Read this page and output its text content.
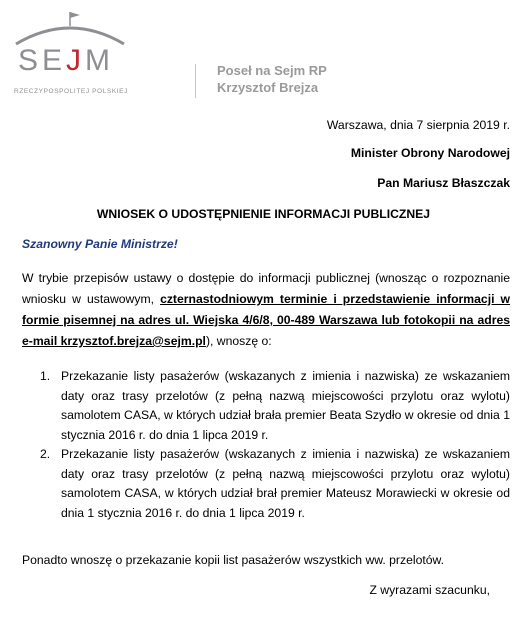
SEJM
RZECZYPOSPOLITEJ POLSKIEJ
Poseł na Sejm RP
Krzysztof Brejza
Warszawa, dnia 7 sierpnia 2019 r.
Minister Obrony Narodowej
Pan Mariusz Błaszczak
WNIOSEK O UDOSTĘPNIENIE INFORMACJI PUBLICZNEJ
Szanowny Panie Ministrze!
W trybie przepisów ustawy o dostępie do informacji publicznej (wnosząc o rozpoznanie wniosku w ustawowym, czternastodniowym terminie i przedstawienie informacji w formie pisemnej na adres ul. Wiejska 4/6/8, 00-489 Warszawa lub fotokopii na adres e-mail krzysztof.brejza@sejm.pl), wnoszę o:
1. Przekazanie listy pasażerów (wskazanych z imienia i nazwiska) ze wskazaniem daty oraz trasy przelotów (z pełną nazwą miejscowości przylotu oraz wylotu) samolotem CASA, w których udział brała premier Beata Szydło w okresie od dnia 1 stycznia 2016 r. do dnia 1 lipca 2019 r.
2. Przekazanie listy pasażerów (wskazanych z imienia i nazwiska) ze wskazaniem daty oraz trasy przelotów (z pełną nazwą miejscowości przylotu oraz wylotu) samolotem CASA, w których udział brał premier Mateusz Morawiecki w okresie od dnia 1 stycznia 2016 r. do dnia 1 lipca 2019 r.
Ponadto wnoszę o przekazanie kopii list pasażerów wszystkich ww. przelotów.
Z wyrazami szacunku,
